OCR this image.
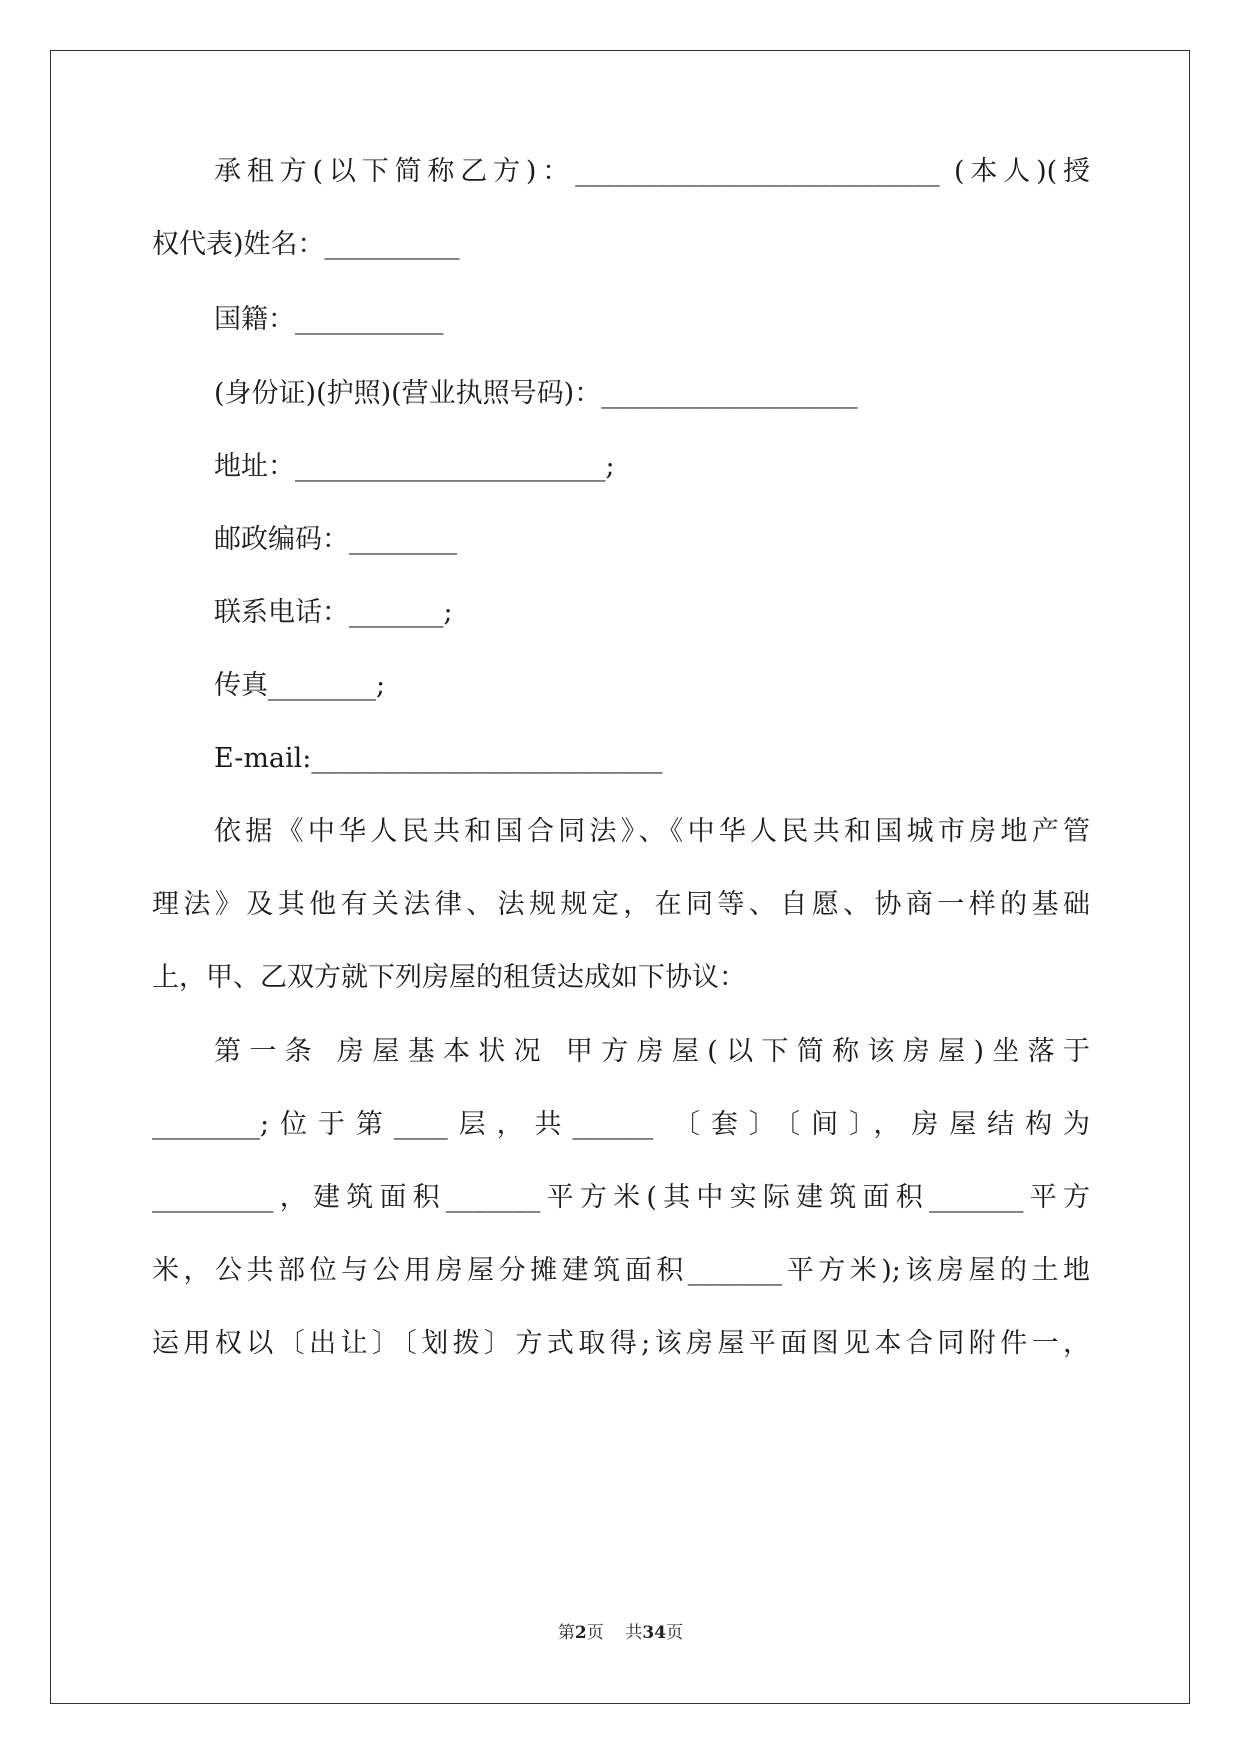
承租方(以下简称乙方)：___________________________ (本人)(授
权代表)姓名：__________
国籍：___________
(身份证)(护照)(营业执照号码)：___________________
地址：_______________________;
邮政编码：________
联系电话：_______;
传真________;
E-mail:__________________________
依据《中华人民共和国合同法》、《中华人民共和国城市房地产管
理法》及其他有关法律、法规规定，在同等、自愿、协商一样的基础
上，甲、乙双方就下列房屋的租赁达成如下协议：
第一条 房屋基本状况 甲方房屋(以下简称该房屋)坐落于
________;位于第____层，共______ 〔套〕〔间〕，房屋结构为
_________，建筑面积_______平方米(其中实际建筑面积_______平方
米，公共部位与公用房屋分摊建筑面积_______平方米);该房屋的土地
运用权以〔出让〕〔划拨〕方式取得;该房屋平面图见本合同附件一，
第2页 共34页
